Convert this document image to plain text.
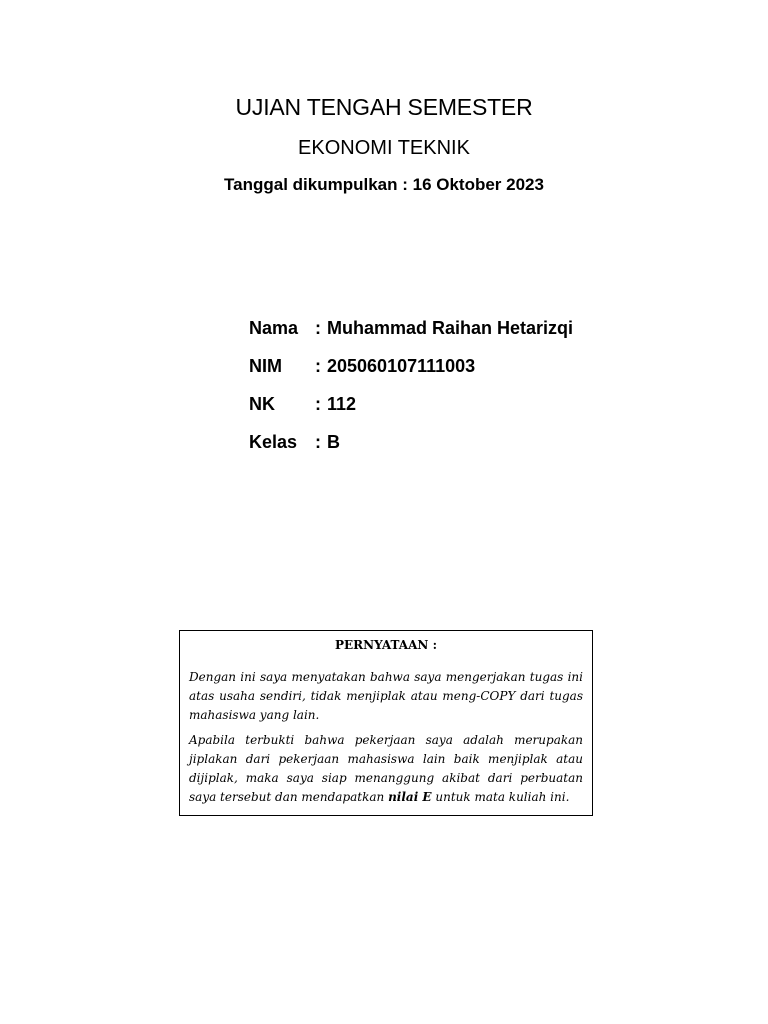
UJIAN TENGAH SEMESTER
EKONOMI TEKNIK
Tanggal dikumpulkan : 16 Oktober 2023
Nama : Muhammad Raihan Hetarizqi
NIM	: 205060107111003
NK	: 112
Kelas : B
PERNYATAAN :

Dengan ini saya menyatakan bahwa saya mengerjakan tugas ini atas usaha sendiri, tidak menjiplak atau meng-COPY dari tugas mahasiswa yang lain.

Apabila terbukti bahwa pekerjaan saya adalah merupakan jiplakan dari pekerjaan mahasiswa lain baik menjiplak atau dijiplak, maka saya siap menanggung akibat dari perbuatan saya tersebut dan mendapatkan nilai E untuk mata kuliah ini.
